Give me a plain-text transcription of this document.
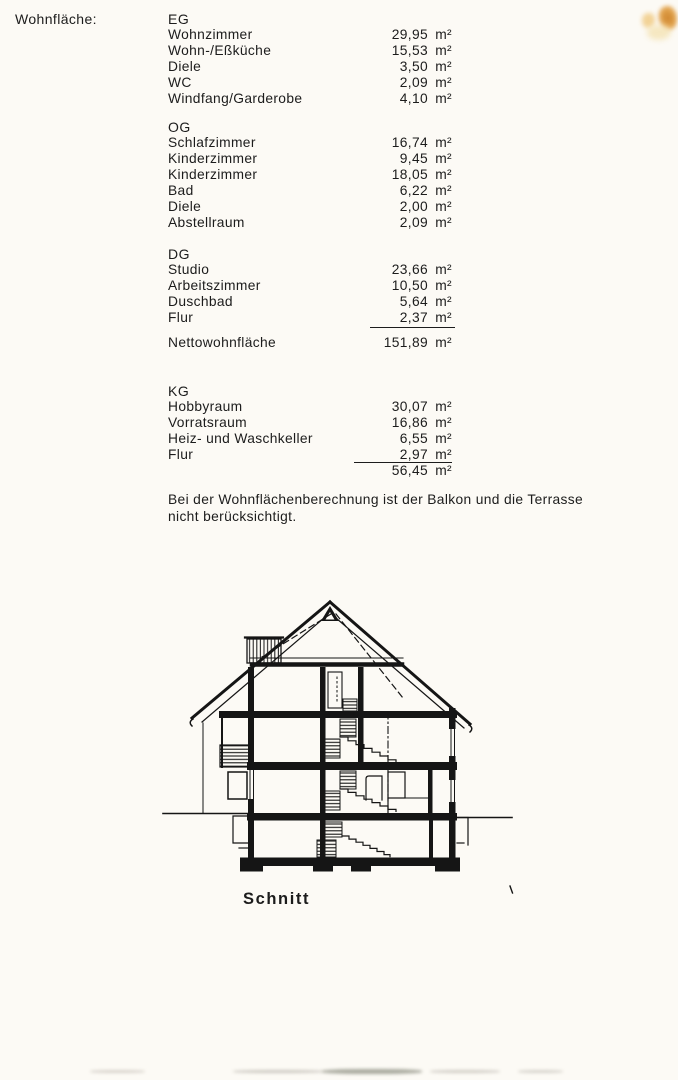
Wohnfläche:	EG
Wohnzimmer	29,95 m²
Wohn-/Eßküche	15,53 m²
Diele	3,50 m²
WC	2,09 m²
Windfang/Garderobe	4,10 m²
OG
Schlafzimmer	16,74 m²
Kinderzimmer	9,45 m²
Kinderzimmer	18,05 m²
Bad	6,22 m²
Diele	2,00 m²
Abstellraum	2,09 m²
DG
Studio	23,66 m²
Arbeitszimmer	10,50 m²
Duschbad	5,64 m²
Flur	2,37 m²
Nettowohnfläche	151,89 m²
KG
Hobbyraum	30,07 m²
Vorratsraum	16,86 m²
Heiz- und Waschkeller	6,55 m²
Flur	2,97 m²
56,45 m²
Bei der Wohnflächenberechnung ist der Balkon und die Terrasse
nicht berücksichtigt.
Schnitt
